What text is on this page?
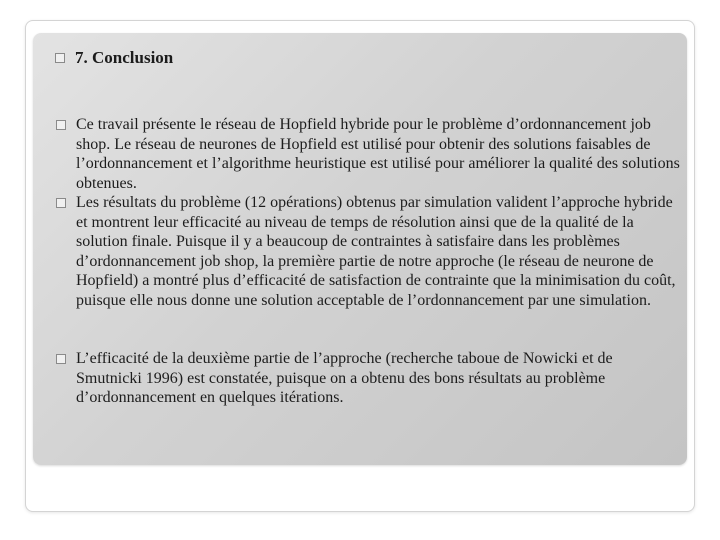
7. Conclusion

Ce travail présente le réseau de Hopfield hybride pour le problème d’ordonnancement job shop. Le réseau de neurones de Hopfield est utilisé pour obtenir des solutions faisables de l’ordonnancement et l’algorithme heuristique est utilisé pour améliorer la qualité des solutions obtenues.

Les résultats du problème (12 opérations) obtenus par simulation valident l’approche hybride et montrent leur efficacité au niveau de temps de résolution ainsi que de la qualité de la solution finale. Puisque il y a beaucoup de contraintes à satisfaire dans les problèmes d’ordonnancement job shop, la première partie de notre approche (le réseau de neurone de Hopfield) a montré plus d’efficacité de satisfaction de contrainte que la minimisation du coût, puisque elle nous donne une solution acceptable de l’ordonnancement par une simulation.

L’efficacité de la deuxième partie de l’approche (recherche taboue de Nowicki et de Smutnicki 1996) est constatée, puisque on a obtenu des bons résultats au problème d’ordonnancement en quelques itérations.
